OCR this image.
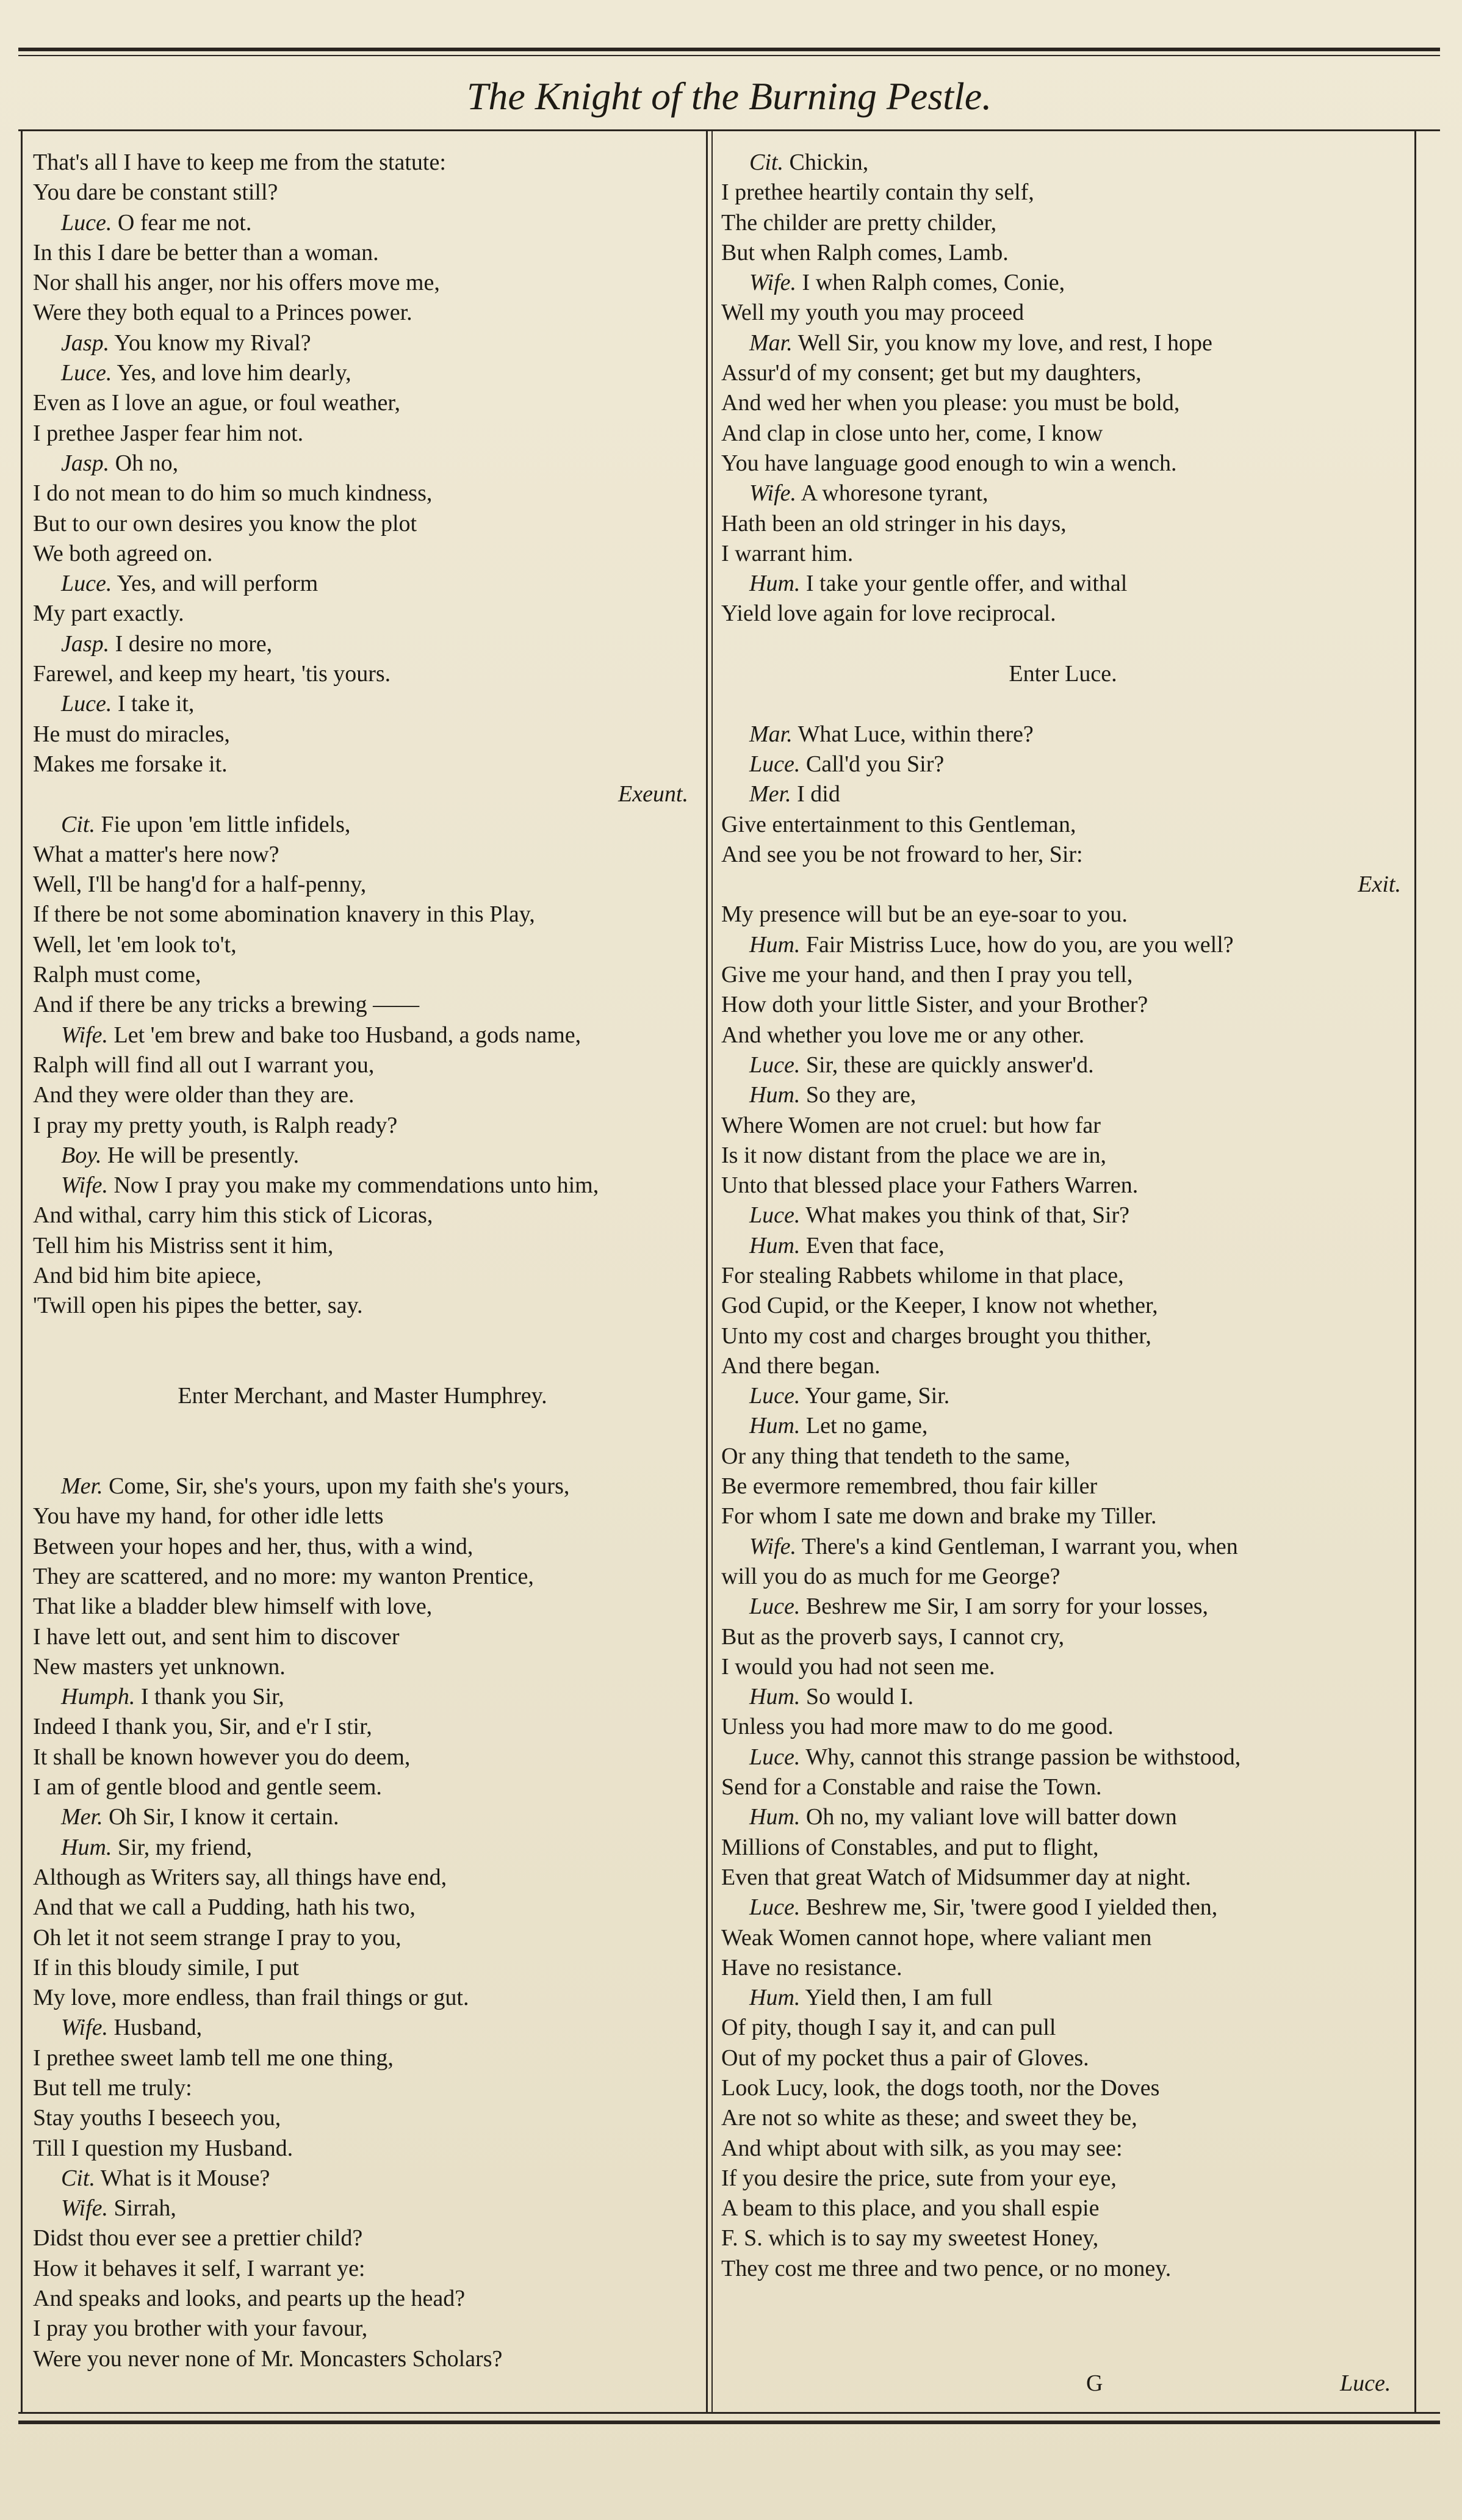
The Knight of the Burning Pestle.
That's all I have to keep me from the statute:
You dare be constant still?
Luce. O fear me not.
In this I dare be better than a woman.
Nor shall his anger, nor his offers move me,
Were they both equal to a Princes power.
Jasp. You know my Rival?
Luce. Yes, and love him dearly,
Even as I love an ague, or foul weather,
I prethee Jasper fear him not.
Jasp. Oh no,
I do not mean to do him so much kindness,
But to our own desires you know the plot
We both agreed on.
Luce. Yes, and will perform
My part exactly.
Jasp. I desire no more,
Farewel, and keep my heart, 'tis yours.
Luce. I take it,
He must do miracles,
Makes me forsake it.
Exeunt.
Cit. Fie upon 'em little infidels,
What a matter's here now?
Well, I'll be hang'd for a half-penny,
If there be not some abomination knavery in this Play,
Well, let 'em look to't,
Ralph must come,
And if there be any tricks a brewing ——
Wife. Let 'em brew and bake too Husband, a gods name,
Ralph will find all out I warrant you,
And they were older than they are.
I pray my pretty youth, is Ralph ready?
Boy. He will be presently.
Wife. Now I pray you make my commendations unto him,
And withal, carry him this stick of Licoras,
Tell him his Mistriss sent it him,
And bid him bite apiece,
'Twill open his pipes the better, say.
Enter Merchant, and Master Humphrey.
Mer. Come, Sir, she's yours, upon my faith she's yours,
You have my hand, for other idle letts
Between your hopes and her, thus, with a wind,
They are scattered, and no more: my wanton Prentice,
That like a bladder blew himself with love,
I have lett out, and sent him to discover
New masters yet unknown.
Humph. I thank you Sir,
Indeed I thank you, Sir, and e'r I stir,
It shall be known however you do deem,
I am of gentle blood and gentle seem.
Mer. Oh Sir, I know it certain.
Hum. Sir, my friend,
Although as Writers say, all things have end,
And that we call a Pudding, hath his two,
Oh let it not seem strange I pray to you,
If in this bloudy simile, I put
My love, more endless, than frail things or gut.
Wife. Husband,
I prethee sweet lamb tell me one thing,
But tell me truly:
Stay youths I beseech you,
Till I question my Husband.
Cit. What is it Mouse?
Wife. Sirrah,
Didst thou ever see a prettier child?
How it behaves it self, I warrant ye:
And speaks and looks, and pearts up the head?
I pray you brother with your favour,
Were you never none of Mr. Moncasters Scholars?
Cit. Chickin,
I prethee heartily contain thy self,
The childer are pretty childer,
But when Ralph comes, Lamb.
Wife. I when Ralph comes, Conie,
Well my youth you may proceed
Mar. Well Sir, you know my love, and rest, I hope
Assur'd of my consent; get but my daughters,
And wed her when you please: you must be bold,
And clap in close unto her, come, I know
You have language good enough to win a wench.
Wife. A whoresone tyrant,
Hath been an old stringer in his days,
I warrant him.
Hum. I take your gentle offer, and withal
Yield love again for love reciprocal.
Enter Luce.
Mar. What Luce, within there?
Luce. Call'd you Sir?
Mer. I did
Give entertainment to this Gentleman,
And see you be not froward to her, Sir:
Exit.
My presence will but be an eye-soar to you.
Hum. Fair Mistriss Luce, how do you, are you well?
Give me your hand, and then I pray you tell,
How doth your little Sister, and your Brother?
And whether you love me or any other.
Luce. Sir, these are quickly answer'd.
Hum. So they are,
Where Women are not cruel: but how far
Is it now distant from the place we are in,
Unto that blessed place your Fathers Warren.
Luce. What makes you think of that, Sir?
Hum. Even that face,
For stealing Rabbets whilome in that place,
God Cupid, or the Keeper, I know not whether,
Unto my cost and charges brought you thither,
And there began.
Luce. Your game, Sir.
Hum. Let no game,
Or any thing that tendeth to the same,
Be evermore remembred, thou fair killer
For whom I sate me down and brake my Tiller.
Wife. There's a kind Gentleman, I warrant you, when
will you do as much for me George?
Luce. Beshrew me Sir, I am sorry for your losses,
But as the proverb says, I cannot cry,
I would you had not seen me.
Hum. So would I.
Unless you had more maw to do me good.
Luce. Why, cannot this strange passion be withstood,
Send for a Constable and raise the Town.
Hum. Oh no, my valiant love will batter down
Millions of Constables, and put to flight,
Even that great Watch of Midsummer day at night.
Luce. Beshrew me, Sir, 'twere good I yielded then,
Weak Women cannot hope, where valiant men
Have no resistance.
Hum. Yield then, I am full
Of pity, though I say it, and can pull
Out of my pocket thus a pair of Gloves.
Look Lucy, look, the dogs tooth, nor the Doves
Are not so white as these; and sweet they be,
And whipt about with silk, as you may see:
If you desire the price, sute from your eye,
A beam to this place, and you shall espie
F. S. which is to say my sweetest Honey,
They cost me three and two pence, or no money.
G	Luce.
